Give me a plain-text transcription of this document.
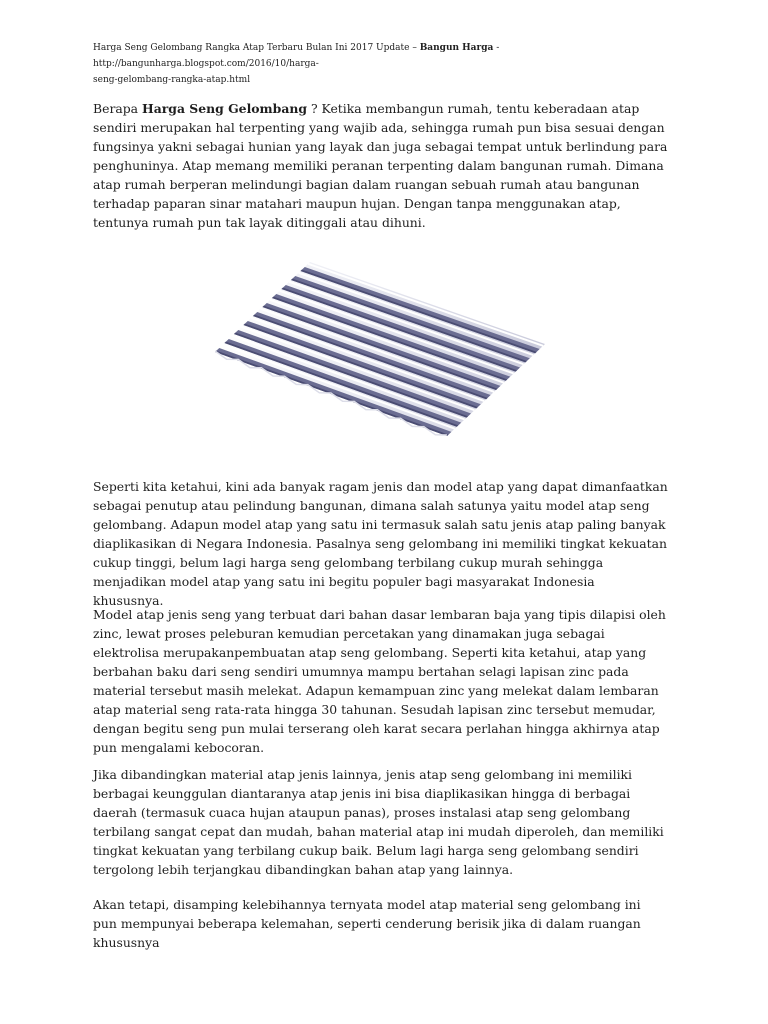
Harga Seng Gelombang Rangka Atap Terbaru Bulan Ini 2017 Update – Bangun Harga - http://bangunharga.blogspot.com/2016/10/harga-
seng-gelombang-rangka-atap.html

Berapa Harga Seng Gelombang ? Ketika membangun rumah, tentu keberadaan atap sendiri merupakan hal terpenting yang wajib ada, sehingga rumah pun bisa sesuai dengan fungsinya yakni sebagai hunian yang layak dan juga sebagai tempat untuk berlindung para penghuninya. Atap memang memiliki peranan terpenting dalam bangunan rumah. Dimana atap rumah berperan melindungi bagian dalam ruangan sebuah rumah atau bangunan terhadap paparan sinar matahari maupun hujan. Dengan tanpa menggunakan atap, tentunya rumah pun tak layak ditinggali atau dihuni.

Seperti kita ketahui, kini ada banyak ragam jenis dan model atap yang dapat dimanfaatkan sebagai penutup atau pelindung bangunan, dimana salah satunya yaitu model atap seng gelombang. Adapun model atap yang satu ini termasuk salah satu jenis atap paling banyak diaplikasikan di Negara Indonesia. Pasalnya seng gelombang ini memiliki tingkat kekuatan cukup tinggi, belum lagi harga seng gelombang terbilang cukup murah sehingga menjadikan model atap yang satu ini begitu populer bagi masyarakat Indonesia khususnya.

Model atap jenis seng yang terbuat dari bahan dasar lembaran baja yang tipis dilapisi oleh zinc, lewat proses peleburan kemudian percetakan yang dinamakan juga sebagai elektrolisa merupakanpembuatan atap seng gelombang. Seperti kita ketahui, atap yang berbahan baku dari seng sendiri umumnya mampu bertahan selagi lapisan zinc pada material tersebut masih melekat. Adapun kemampuan zinc yang melekat dalam lembaran atap material seng rata-rata hingga 30 tahunan. Sesudah lapisan zinc tersebut memudar, dengan begitu seng pun mulai terserang oleh karat secara perlahan hingga akhirnya atap pun mengalami kebocoran.

Jika dibandingkan material atap jenis lainnya, jenis atap seng gelombang ini memiliki berbagai keunggulan diantaranya atap jenis ini bisa diaplikasikan hingga di berbagai daerah (termasuk cuaca hujan ataupun panas), proses instalasi atap seng gelombang terbilang sangat cepat dan mudah, bahan material atap ini mudah diperoleh, dan memiliki tingkat kekuatan yang terbilang cukup baik. Belum lagi harga seng gelombang sendiri tergolong lebih terjangkau dibandingkan bahan atap yang lainnya.

Akan tetapi, disamping kelebihannya ternyata model atap material seng gelombang ini pun mempunyai beberapa kelemahan, seperti cenderung berisik jika di dalam ruangan khususnya
